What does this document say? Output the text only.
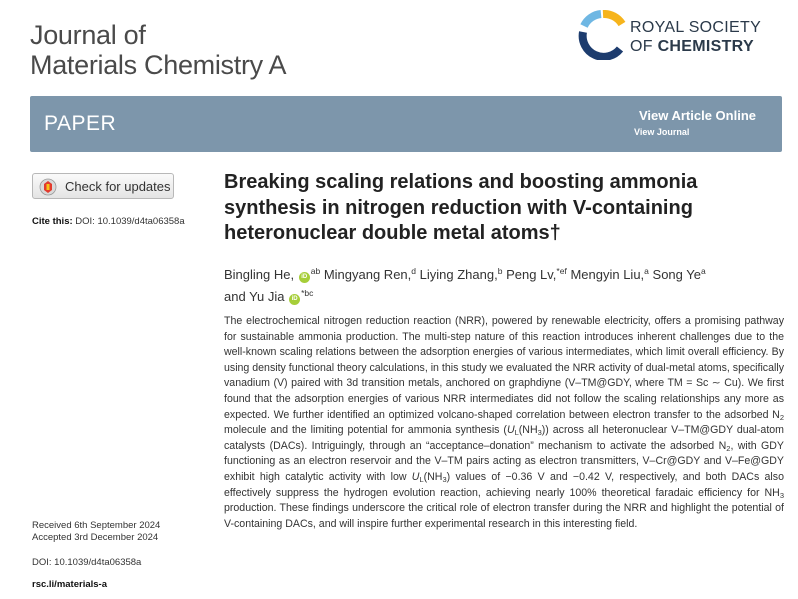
Journal of
Materials Chemistry A
ROYAL SOCIETY
OF CHEMISTRY
PAPER	View Article Online
View Journal
Check for updates
Cite this: DOI: 10.1039/d4ta06358a
Breaking scaling relations and boosting ammonia synthesis in nitrogen reduction with V-containing heteronuclear double metal atoms†
Bingling He, $iD^{ab}$ Mingyang Ren,$^d$ Liying Zhang,$^b$ Peng Lv,$^{*ef}$ Mengyin Liu,$^a$ Song Ye$^a$
and Yu Jia $iD^{*bc}$
The electrochemical nitrogen reduction reaction (NRR), powered by renewable electricity, offers a promising pathway for sustainable ammonia production. The multi-step nature of this reaction introduces inherent challenges due to the well-known scaling relations between the adsorption energies of various intermediates, which limit overall efficiency. By using density functional theory calculations, in this study we evaluated the NRR activity of dual-metal atoms, specifically vanadium (V) paired with 3d transition metals, anchored on graphdiyne (V–TM@GDY, where TM = Sc ∼ Cu). We first found that the adsorption energies of various NRR intermediates did not follow the scaling relationships any more as expected. We further identified an optimized volcano-shaped correlation between electron transfer to the adsorbed $N_2$ molecule and the limiting potential for ammonia synthesis $(U_L(NH_3))$ across all heteronuclear V–TM@GDY dual-atom catalysts (DACs). Intriguingly, through an “acceptance–donation” mechanism to activate the adsorbed $N_2$, with GDY functioning as an electron reservoir and the V–TM pairs acting as electron transmitters, V–Cr@GDY and V–Fe@GDY exhibit high catalytic activity with low $U_L(NH_3)$ values of −0.36 V and −0.42 V, respectively, and both DACs also effectively suppress the hydrogen evolution reaction, achieving nearly 100% theoretical faradaic efficiency for $NH_3$ production. These findings underscore the critical role of electron transfer during the NRR and highlight the potential of V-containing DACs, and will inspire further experimental research in this interesting field.
Received 6th September 2024
Accepted 3rd December 2024
DOI: 10.1039/d4ta06358a
rsc.li/materials-a
